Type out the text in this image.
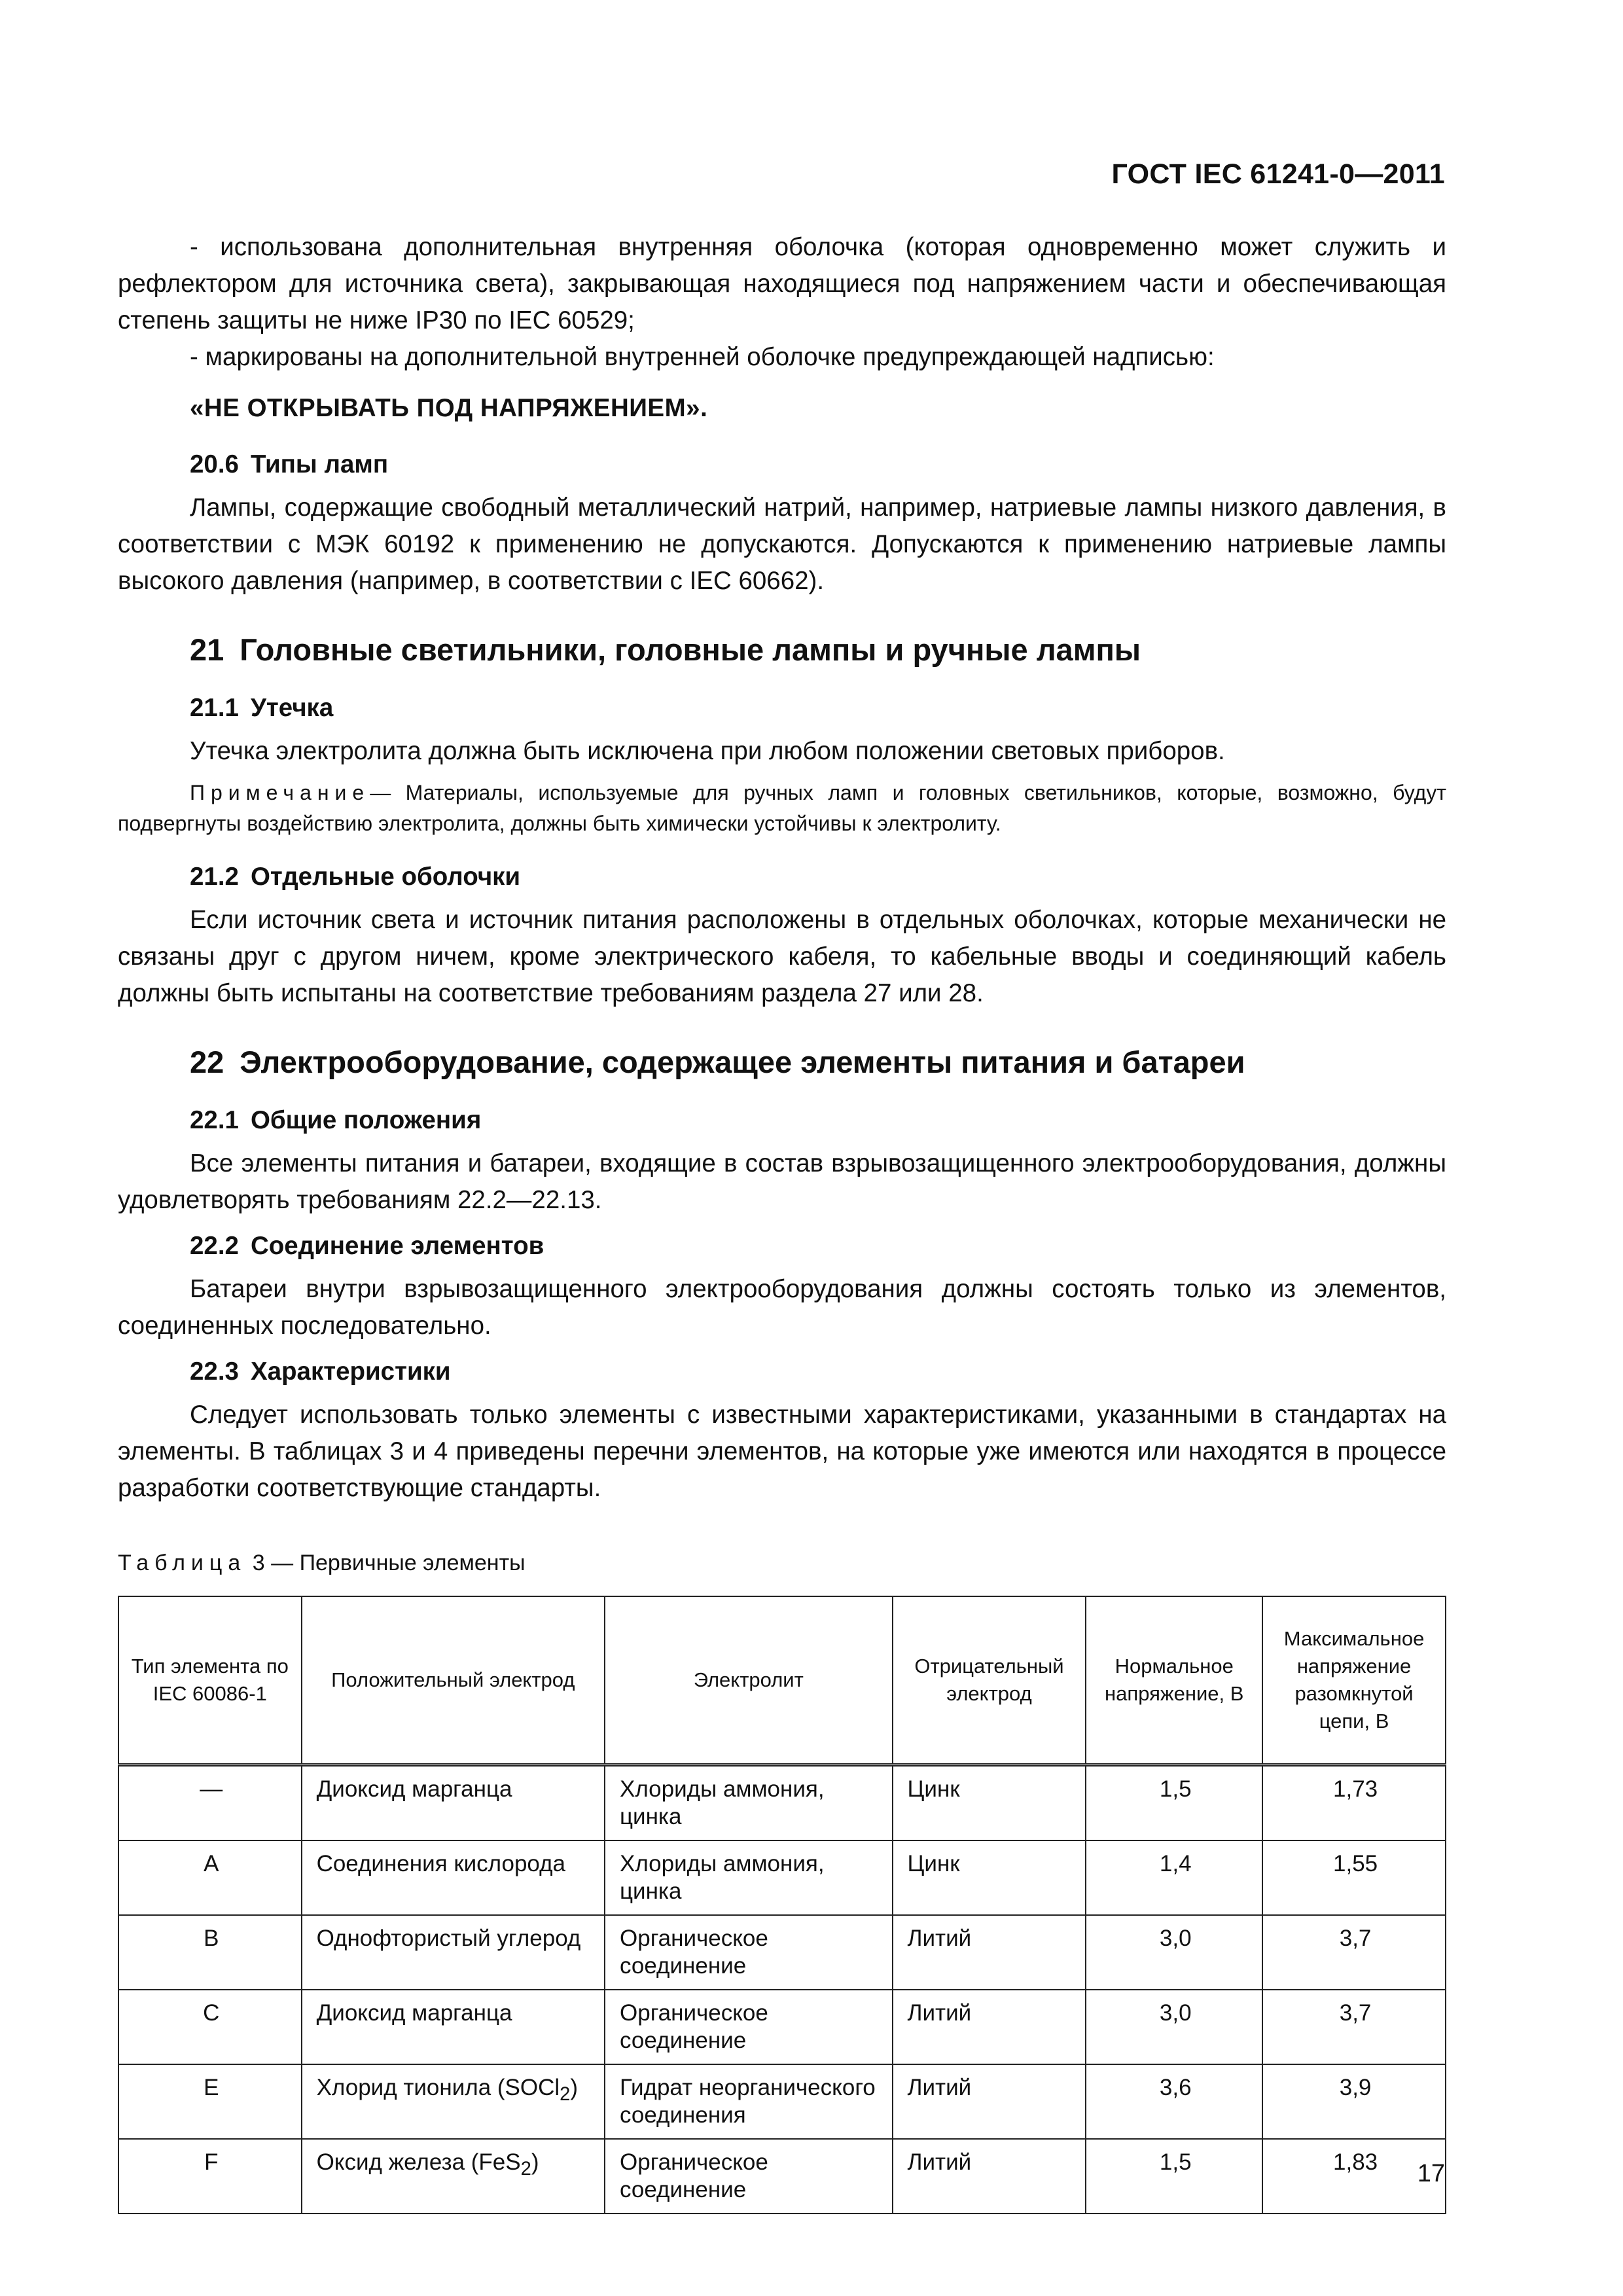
ГОСТ IEC 61241-0—2011

- использована дополнительная внутренняя оболочка (которая одновременно может служить и рефлектором для источника света), закрывающая находящиеся под напряжением части и обеспечивающая степень защиты не ниже IP30 по IEC 60529;

- маркированы на дополнительной внутренней оболочке предупреждающей надписью:

«НЕ ОТКРЫВАТЬ ПОД НАПРЯЖЕНИЕМ».

20.6 Типы ламп

Лампы, содержащие свободный металлический натрий, например, натриевые лампы низкого давления, в соответствии с МЭК 60192 к применению не допускаются. Допускаются к применению натриевые лампы высокого давления (например, в соответствии с IEC 60662).

21 Головные светильники, головные лампы и ручные лампы
21.1 Утечка

Утечка электролита должна быть исключена при любом положении световых приборов.

Примечание— Материалы, используемые для ручных ламп и головных светильников, которые, возможно, будут подвергнуты воздействию электролита, должны быть химически устойчивы к электролиту.

21.2 Отдельные оболочки

Если источник света и источник питания расположены в отдельных оболочках, которые механически не связаны друг с другом ничем, кроме электрического кабеля, то кабельные вводы и соединяющий кабель должны быть испытаны на соответствие требованиям раздела 27 или 28.

22 Электрооборудование, содержащее элементы питания и батареи
22.1 Общие положения

Все элементы питания и батареи, входящие в состав взрывозащищенного электрооборудования, должны удовлетворять требованиям 22.2—22.13.

22.2 Соединение элементов

Батареи внутри взрывозащищенного электрооборудования должны состоять только из элементов, соединенных последовательно.

22.3 Характеристики

Следует использовать только элементы с известными характеристиками, указанными в стандартах на элементы. В таблицах 3 и 4 приведены перечни элементов, на которые уже имеются или находятся в процессе разработки соответствующие стандарты.

Таблица 3 — Первичные элементы
Тип элемента по IEC 60086-1	Положительный электрод	Электролит	Отрицательный электрод	Нормальное напряжение, В	Максимальное напряжение разомкнутой цепи, В
—	Диоксид марганца	Хлориды аммония, цинка	Цинк	1,5	1,73
A	Соединения кислорода	Хлориды аммония, цинка	Цинк	1,4	1,55
B	Однофтористый углерод	Органическое соединение	Литий	3,0	3,7
C	Диоксид марганца	Органическое соединение	Литий	3,0	3,7
E	Хлорид тионила (SOCl$_2$)	Гидрат неорганического соединения	Литий	3,6	3,9
F	Оксид железа (FeS$_2$)	Органическое соединение	Литий	1,5	1,83 17
